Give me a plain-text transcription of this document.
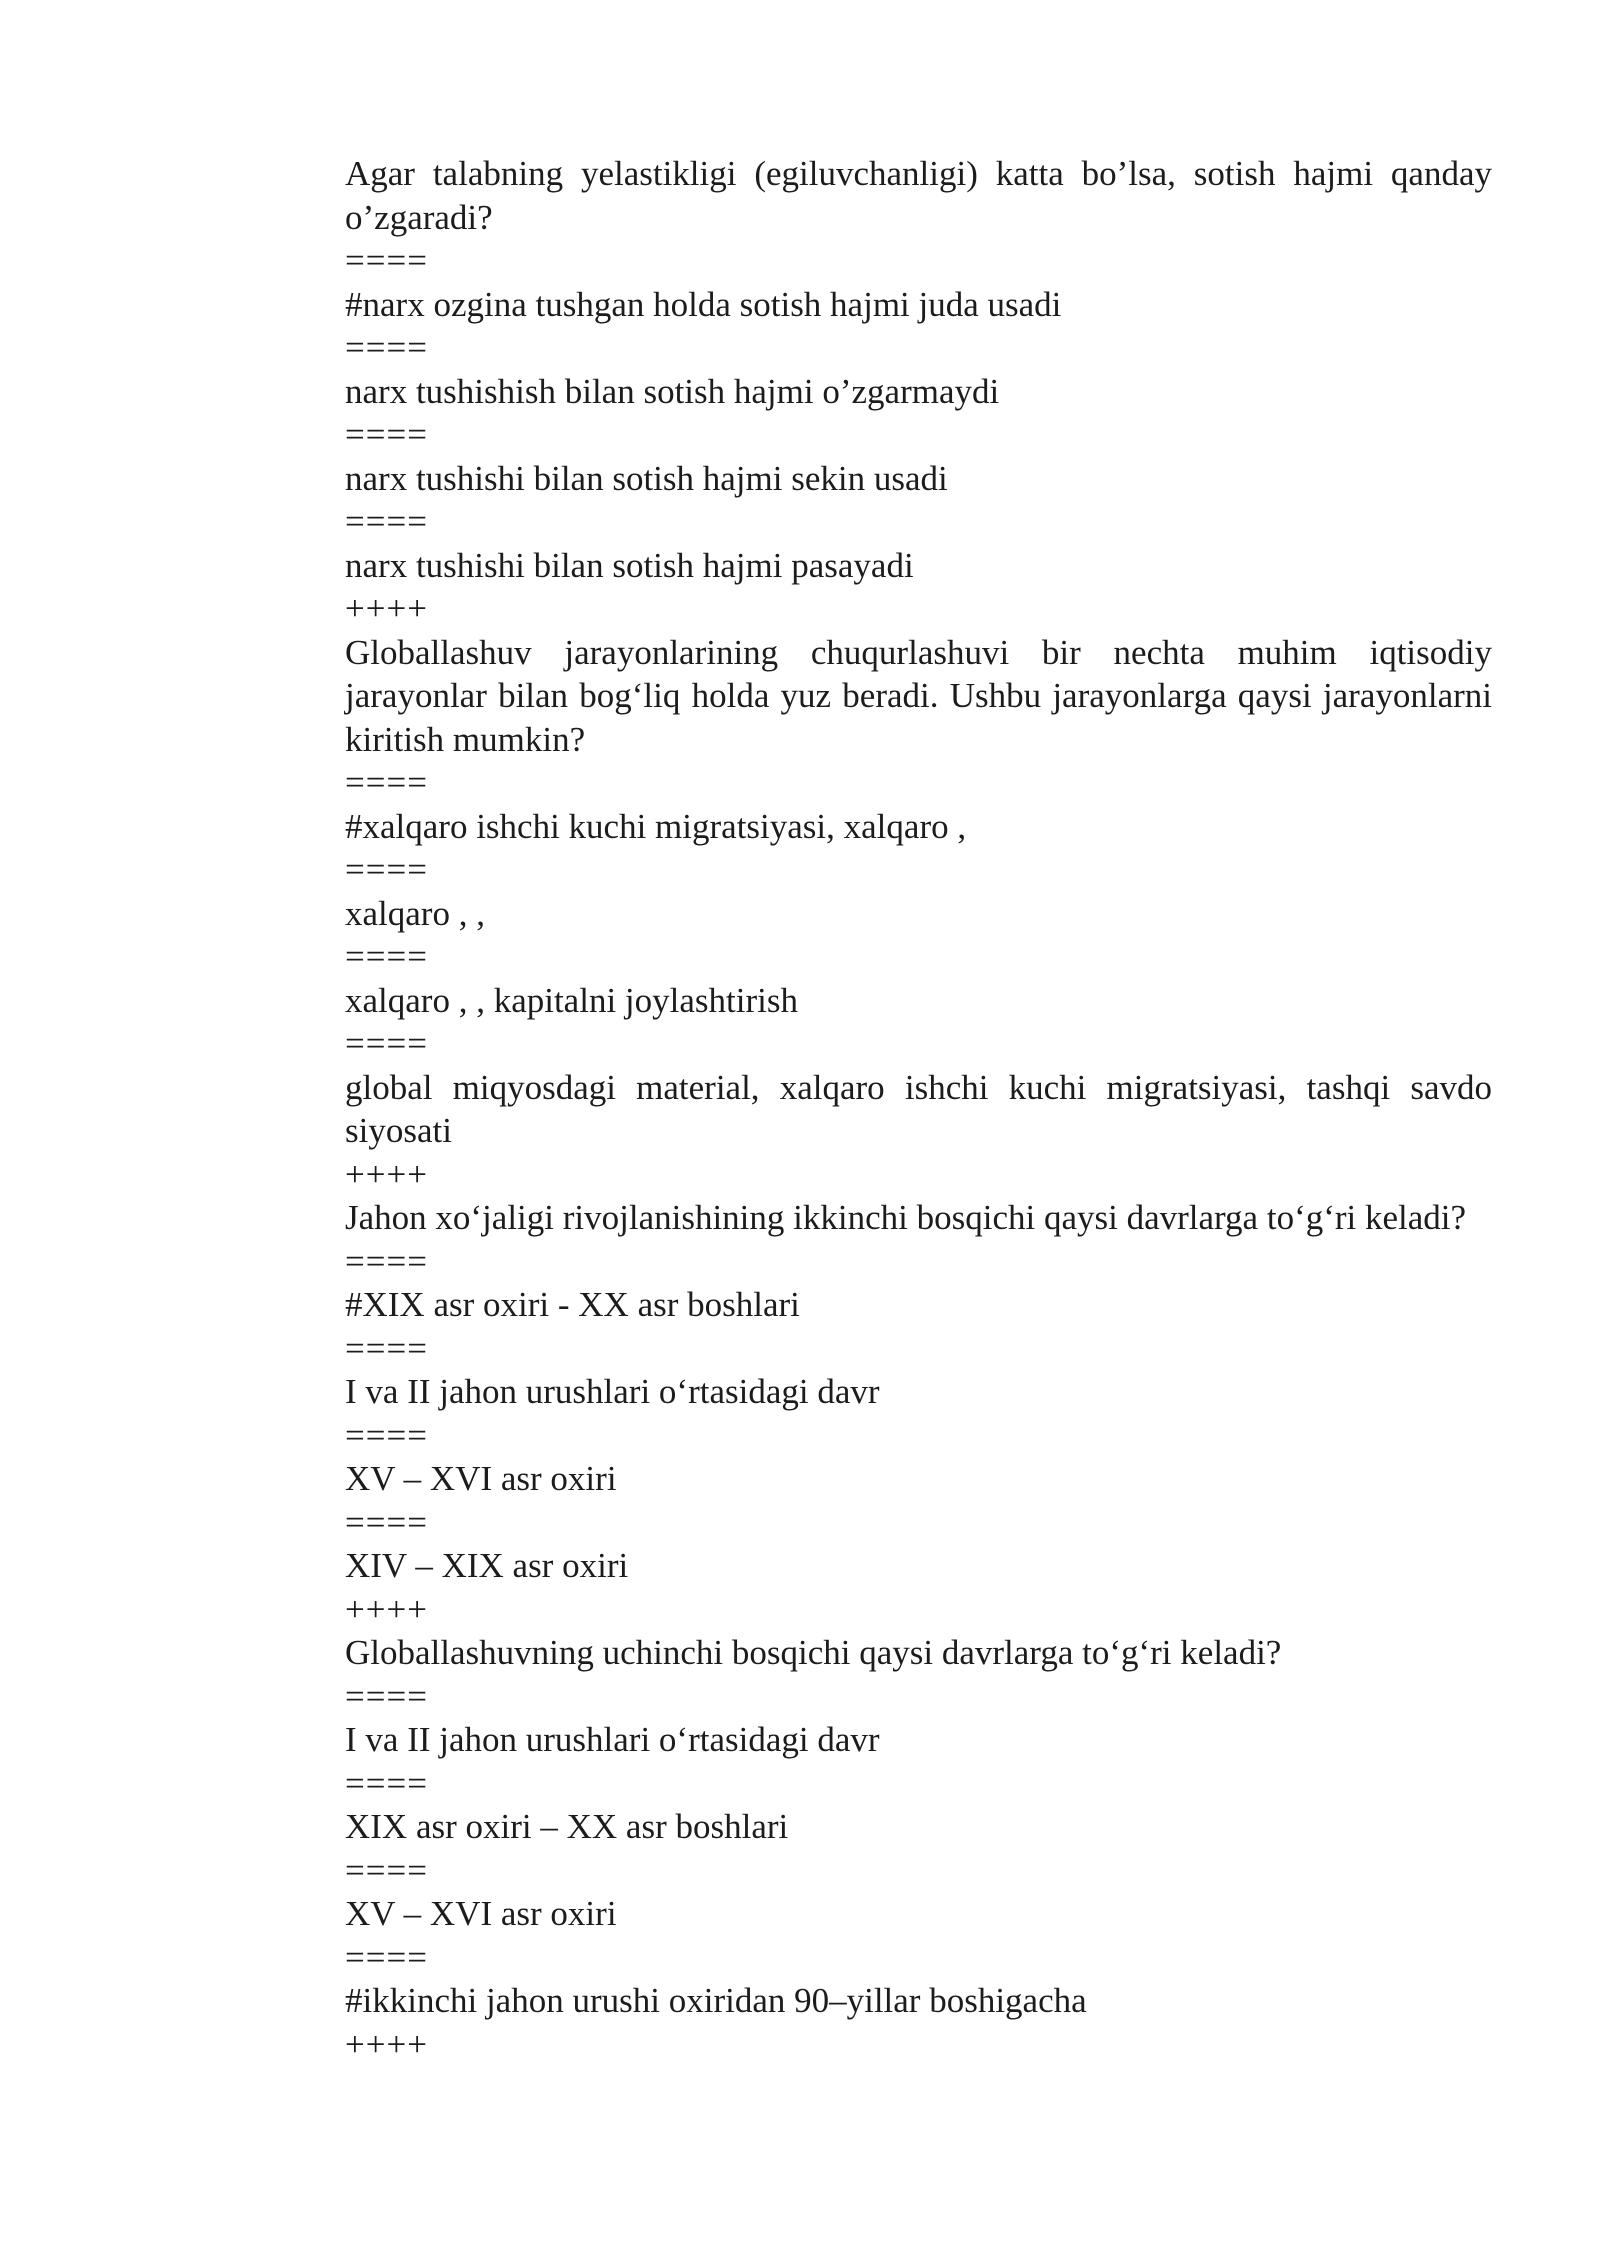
Agar talabning yelastikligi (egiluvchanligi) katta bo’lsa, sotish hajmi qanday o’zgaradi?

====

#narx ozgina tushgan holda sotish hajmi juda usadi

====

narx tushishish bilan sotish hajmi o’zgarmaydi

====

narx tushishi bilan sotish hajmi sekin usadi

====

narx tushishi bilan sotish hajmi pasayadi

++++

Globallashuv jarayonlarining chuqurlashuvi bir nechta muhim iqtisodiy jarayonlar bilan bog‘liq holda yuz beradi. Ushbu jarayonlarga qaysi jarayonlarni kiritish mumkin?

====

#xalqaro ishchi kuchi migratsiyasi, xalqaro ,

====

xalqaro , ,

====

xalqaro , , kapitalni joylashtirish

====

global miqyosdagi material, xalqaro ishchi kuchi migratsiyasi, tashqi savdo siyosati

++++

Jahon xo‘jaligi rivojlanishining ikkinchi bosqichi qaysi davrlarga to‘g‘ri keladi?

====

#XIX asr oxiri - XX asr boshlari

====

I va II jahon urushlari o‘rtasidagi davr

====

XV – XVI asr oxiri

====

XIV – XIX asr oxiri

++++

Globallashuvning uchinchi bosqichi qaysi davrlarga to‘g‘ri keladi?

====

I va II jahon urushlari o‘rtasidagi davr

====

XIX asr oxiri – XX asr boshlari

====

XV – XVI asr oxiri

====

#ikkinchi jahon urushi oxiridan 90–yillar boshigacha

++++
